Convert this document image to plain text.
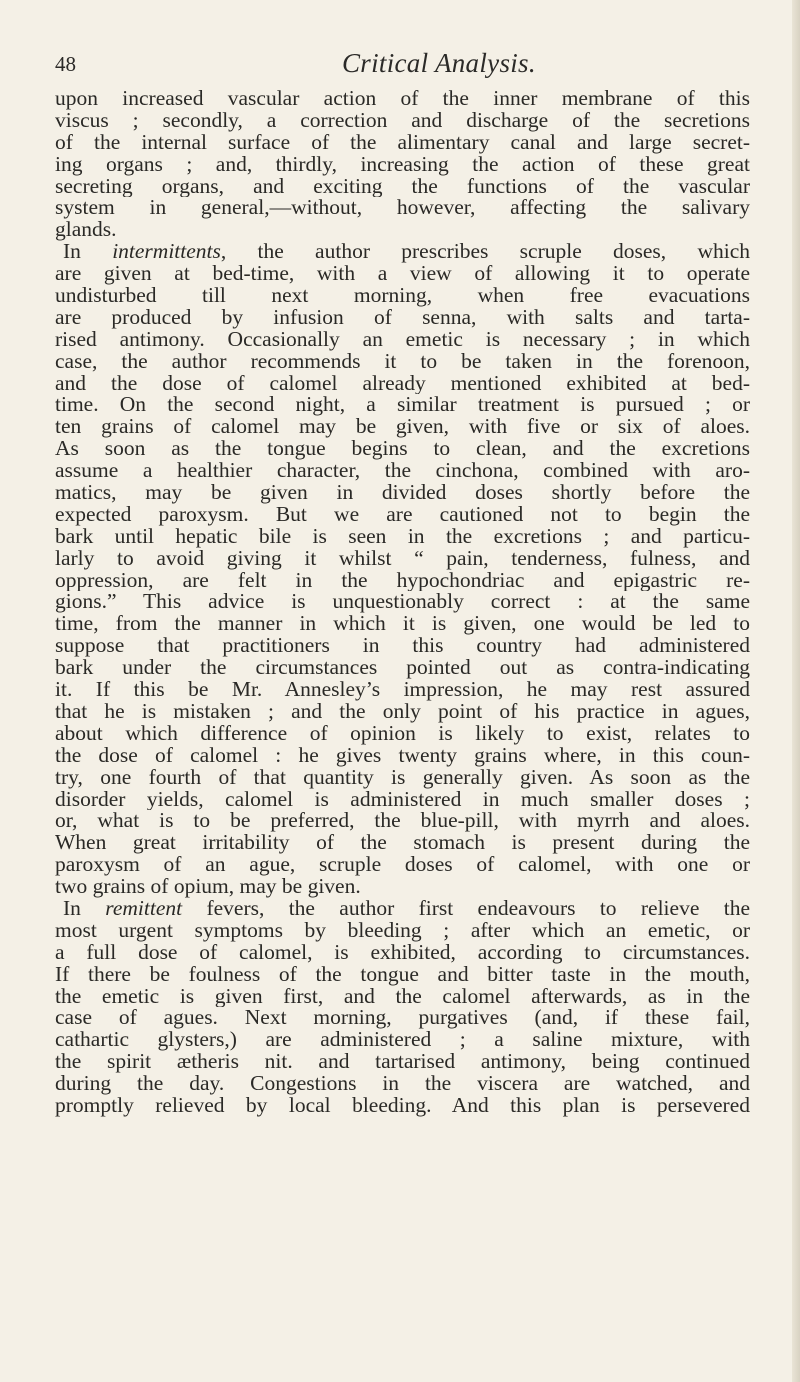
48	Critical Analysis.
upon increased vascular action of the inner membrane of this
viscus ; secondly, a correction and discharge of the secretions
of the internal surface of the alimentary canal and large secret-
ing organs ; and, thirdly, increasing the action of these great
secreting organs, and exciting the functions of the vascular
system in general,—without, however, affecting the salivary
glands.
In intermittents, the author prescribes scruple doses, which
are given at bed-time, with a view of allowing it to operate
undisturbed till next morning, when free evacuations
are produced by infusion of senna, with salts and tarta-
rised antimony. Occasionally an emetic is necessary ; in which
case, the author recommends it to be taken in the forenoon,
and the dose of calomel already mentioned exhibited at bed-
time. On the second night, a similar treatment is pursued ; or
ten grains of calomel may be given, with five or six of aloes.
As soon as the tongue begins to clean, and the excretions
assume a healthier character, the cinchona, combined with aro-
matics, may be given in divided doses shortly before the
expected paroxysm. But we are cautioned not to begin the
bark until hepatic bile is seen in the excretions ; and particu-
larly to avoid giving it whilst “ pain, tenderness, fulness, and
oppression, are felt in the hypochondriac and epigastric re-
gions.” This advice is unquestionably correct : at the same
time, from the manner in which it is given, one would be led to
suppose that practitioners in this country had administered
bark under the circumstances pointed out as contra-indicating
it. If this be Mr. Annesley’s impression, he may rest assured
that he is mistaken ; and the only point of his practice in agues,
about which difference of opinion is likely to exist, relates to
the dose of calomel : he gives twenty grains where, in this coun-
try, one fourth of that quantity is generally given. As soon as the
disorder yields, calomel is administered in much smaller doses ;
or, what is to be preferred, the blue-pill, with myrrh and aloes.
When great irritability of the stomach is present during the
paroxysm of an ague, scruple doses of calomel, with one or
two grains of opium, may be given.
In remittent fevers, the author first endeavours to relieve the
most urgent symptoms by bleeding ; after which an emetic, or
a full dose of calomel, is exhibited, according to circumstances.
If there be foulness of the tongue and bitter taste in the mouth,
the emetic is given first, and the calomel afterwards, as in the
case of agues. Next morning, purgatives (and, if these fail,
cathartic glysters,) are administered ; a saline mixture, with
the spirit ætheris nit. and tartarised antimony, being continued
during the day. Congestions in the viscera are watched, and
promptly relieved by local bleeding. And this plan is persevered
